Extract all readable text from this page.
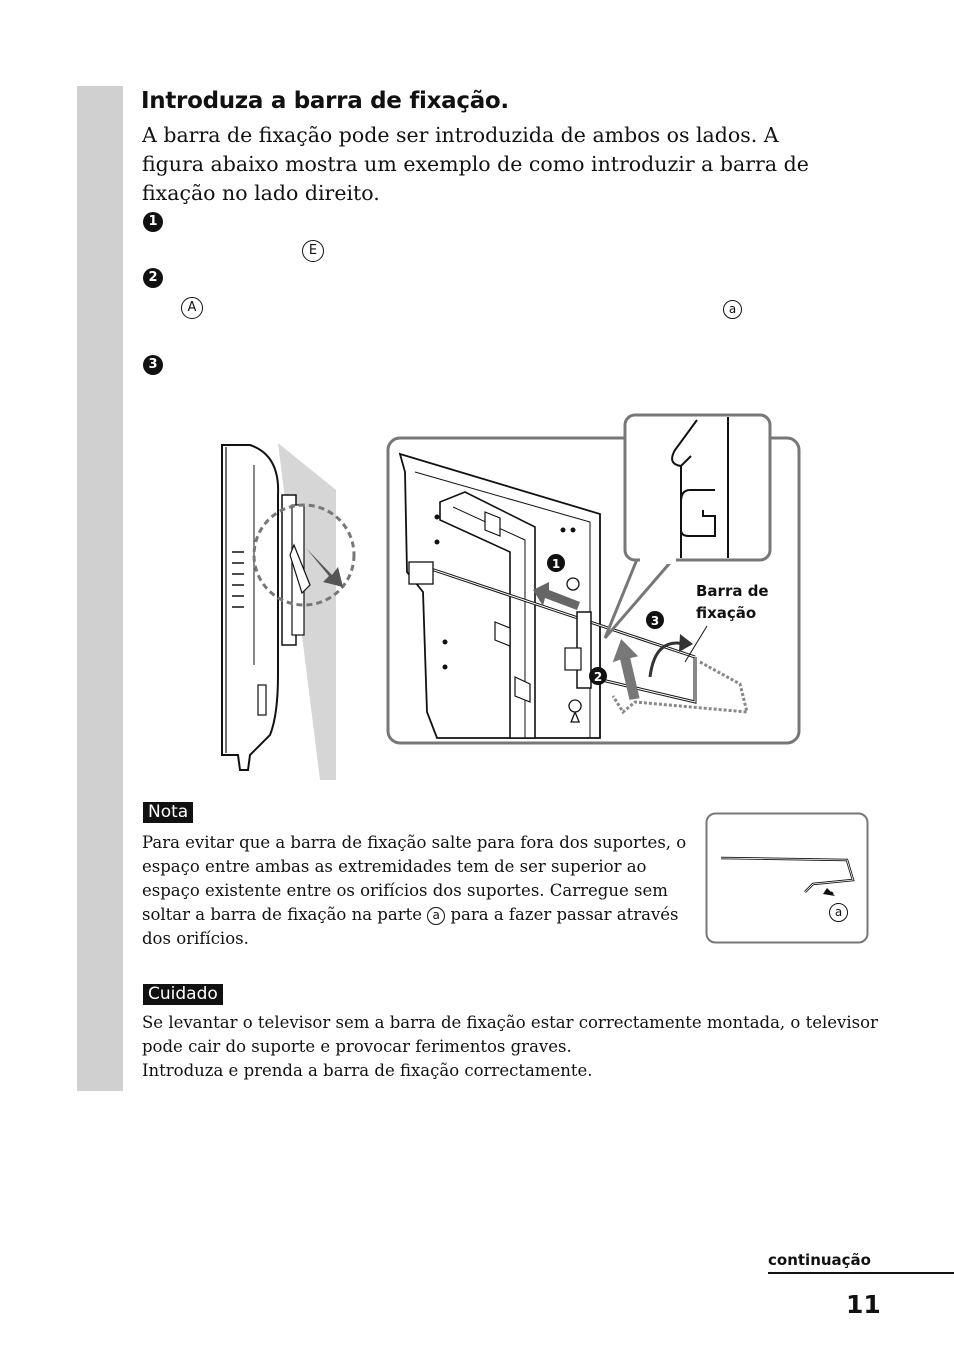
Introduza a barra de fixação.
A barra de fixação pode ser introduzida de ambos os lados. A figura abaixo mostra um exemplo de como introduzir a barra de fixação no lado direito.
1
E
2
A	a
3
1
2
3
Barra de
fixação
Nota
Para evitar que a barra de fixação salte para fora dos suportes, o espaço entre ambas as extremidades tem de ser superior ao espaço existente entre os orifícios dos suportes. Carregue sem soltar a barra de fixação na parte a para a fazer passar através dos orifícios.
a
Cuidado
Se levantar o televisor sem a barra de fixação estar correctamente montada, o televisor pode cair do suporte e provocar ferimentos graves.
Introduza e prenda a barra de fixação correctamente.
continuação
11
